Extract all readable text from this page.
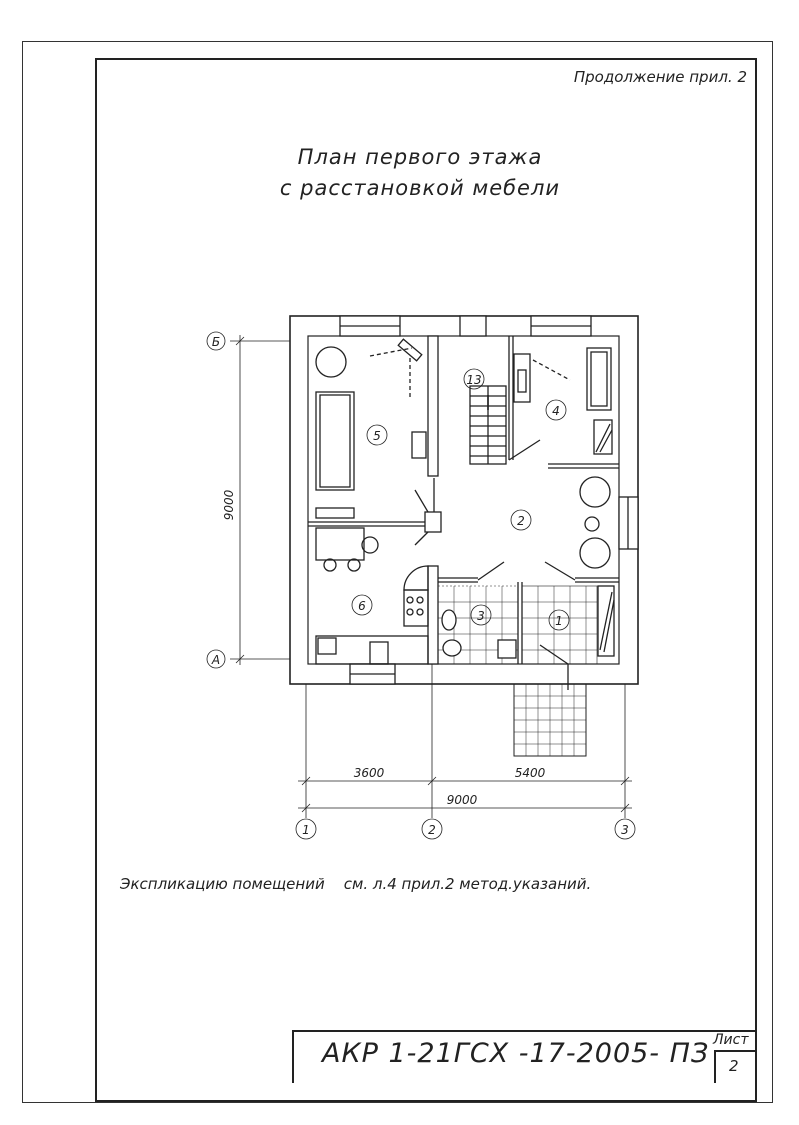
Продолжение прил. 2
План первого этажа
с расстановкой мебели
Б
А
1	2	3
9000
3600	5400
9000
13
4
5
2
6
3	1
Экспликацию помещений    см. л.4 прил.2 метод.указаний.
АКР 1-21ГСХ -17-2005- ПЗ Лист
2
